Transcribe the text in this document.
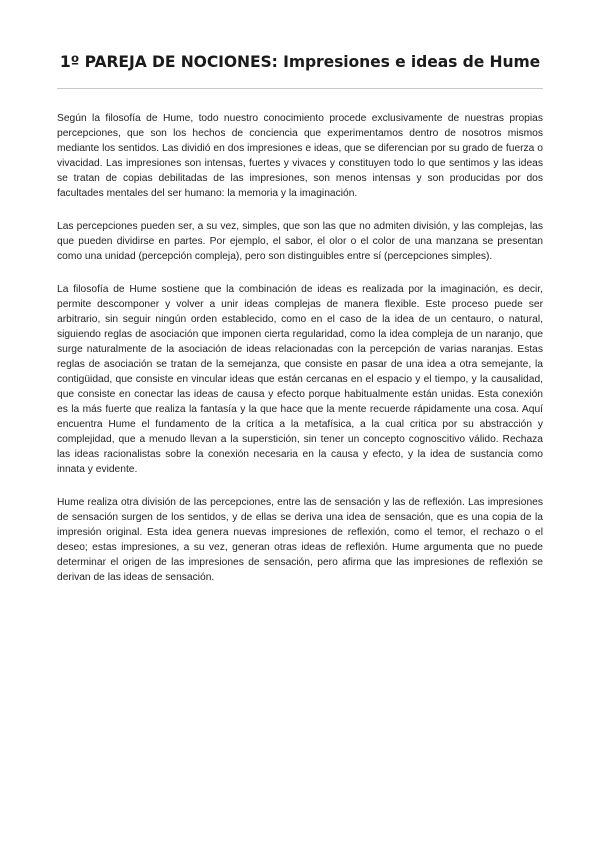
1º PAREJA DE NOCIONES: Impresiones e ideas de Hume

Según la filosofía de Hume, todo nuestro conocimiento procede exclusivamente de nuestras propias percepciones, que son los hechos de conciencia que experimentamos dentro de nosotros mismos mediante los sentidos. Las dividió en dos impresiones e ideas, que se diferencian por su grado de fuerza o vivacidad. Las impresiones son intensas, fuertes y vivaces y constituyen todo lo que sentimos y las ideas se tratan de copias debilitadas de las impresiones, son menos intensas y son producidas por dos facultades mentales del ser humano: la memoria y la imaginación.

Las percepciones pueden ser, a su vez, simples, que son las que no admiten división, y las complejas, las que pueden dividirse en partes. Por ejemplo, el sabor, el olor o el color de una manzana se presentan como una unidad (percepción compleja), pero son distinguibles entre sí (percepciones simples).

La filosofía de Hume sostiene que la combinación de ideas es realizada por la imaginación, es decir, permite descomponer y volver a unir ideas complejas de manera flexible. Este proceso puede ser arbitrario, sin seguir ningún orden establecido, como en el caso de la idea de un centauro, o natural, siguiendo reglas de asociación que imponen cierta regularidad, como la idea compleja de un naranjo, que surge naturalmente de la asociación de ideas relacionadas con la percepción de varias naranjas. Estas reglas de asociación se tratan de la semejanza, que consiste en pasar de una idea a otra semejante, la contigüidad, que consiste en vincular ideas que están cercanas en el espacio y el tiempo, y la causalidad, que consiste en conectar las ideas de causa y efecto porque habitualmente están unidas. Esta conexión es la más fuerte que realiza la fantasía y la que hace que la mente recuerde rápidamente una cosa. Aquí encuentra Hume el fundamento de la crítica a la metafísica, a la cual critica por su abstracción y complejidad, que a menudo llevan a la superstición, sin tener un concepto cognoscitivo válido. Rechaza las ideas racionalistas sobre la conexión necesaria en la causa y efecto, y la idea de sustancia como innata y evidente.

Hume realiza otra división de las percepciones, entre las de sensación y las de reflexión. Las impresiones de sensación surgen de los sentidos, y de ellas se deriva una idea de sensación, que es una copia de la impresión original. Esta idea genera nuevas impresiones de reflexión, como el temor, el rechazo o el deseo; estas impresiones, a su vez, generan otras ideas de reflexión. Hume argumenta que no puede determinar el origen de las impresiones de sensación, pero afirma que las impresiones de reflexión se derivan de las ideas de sensación.
